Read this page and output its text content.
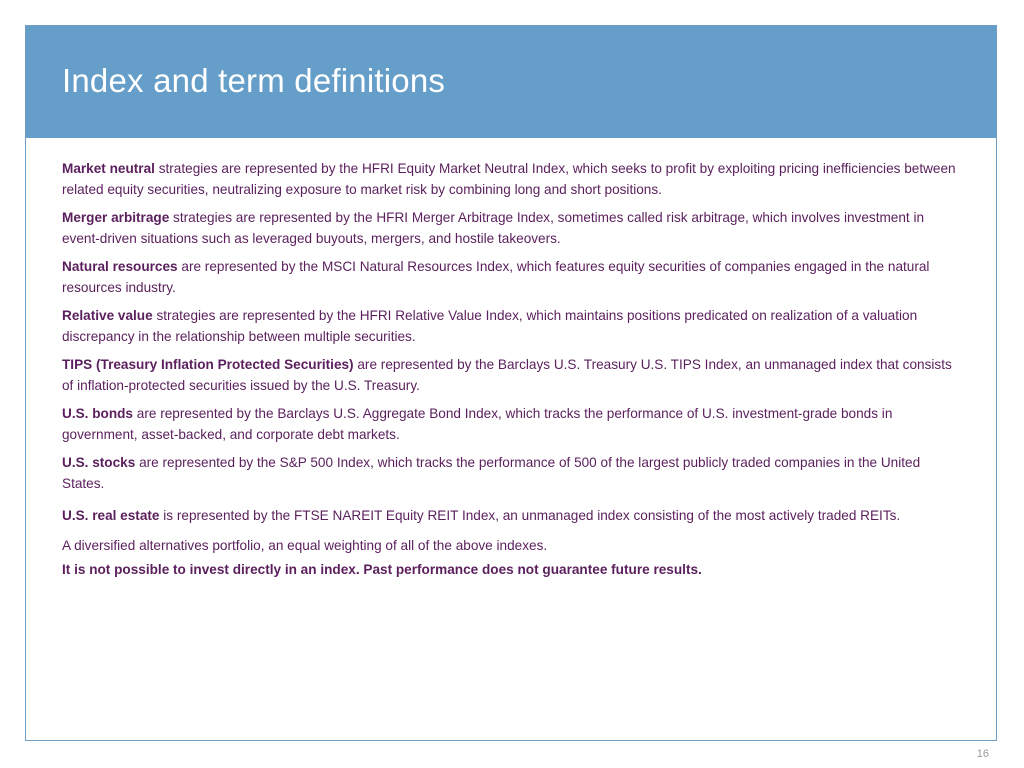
Index and term definitions

Market neutral strategies are represented by the HFRI Equity Market Neutral Index, which seeks to profit by exploiting pricing inefficiencies between related equity securities, neutralizing exposure to market risk by combining long and short positions.

Merger arbitrage strategies are represented by the HFRI Merger Arbitrage Index, sometimes called risk arbitrage, which involves investment in event-driven situations such as leveraged buyouts, mergers, and hostile takeovers.

Natural resources are represented by the MSCI Natural Resources Index, which features equity securities of companies engaged in the natural resources industry.

Relative value strategies are represented by the HFRI Relative Value Index, which maintains positions predicated on realization of a valuation discrepancy in the relationship between multiple securities.

TIPS (Treasury Inflation Protected Securities) are represented by the Barclays U.S. Treasury U.S. TIPS Index, an unmanaged index that consists of inflation-protected securities issued by the U.S. Treasury.

U.S. bonds are represented by the Barclays U.S. Aggregate Bond Index, which tracks the performance of U.S. investment-grade bonds in government, asset-backed, and corporate debt markets.

U.S. stocks are represented by the S&P 500 Index, which tracks the performance of 500 of the largest publicly traded companies in the United States.

U.S. real estate is represented by the FTSE NAREIT Equity REIT Index, an unmanaged index consisting of the most actively traded REITs.

A diversified alternatives portfolio, an equal weighting of all of the above indexes.

It is not possible to invest directly in an index. Past performance does not guarantee future results.

16
